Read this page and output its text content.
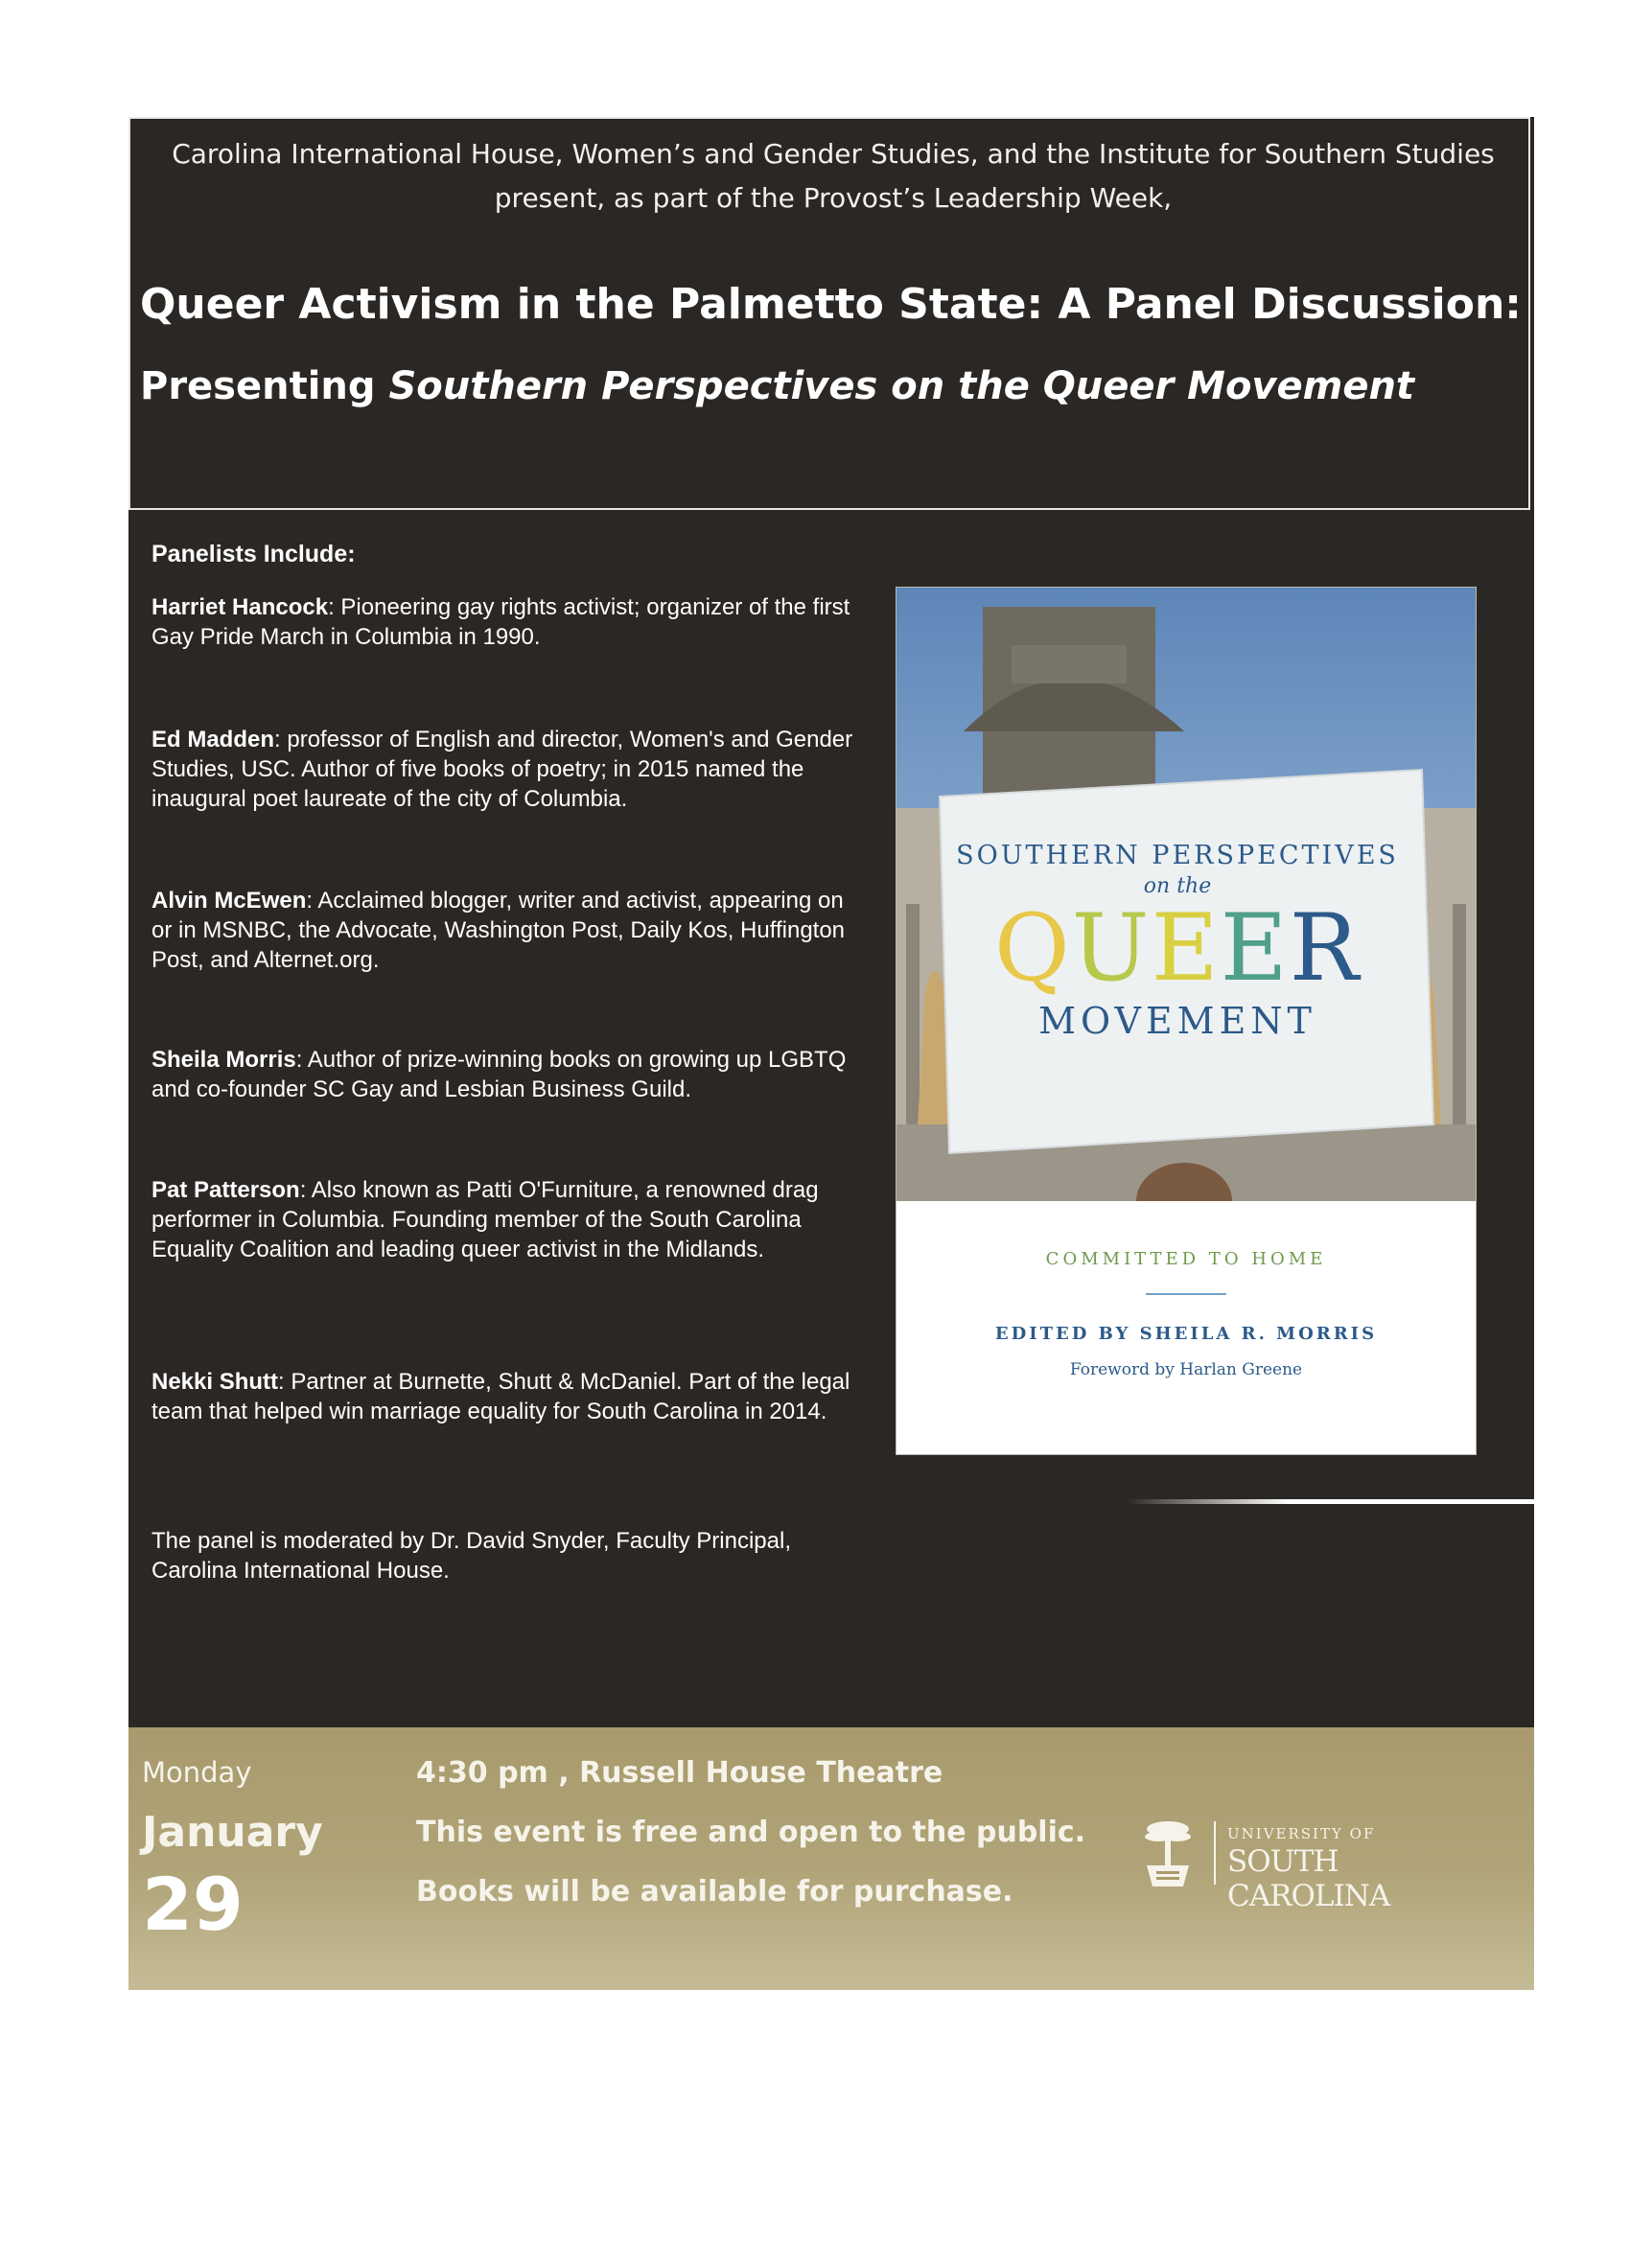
Carolina International House, Women’s and Gender Studies, and the Institute for Southern Studies present, as part of the Provost’s Leadership Week,
Queer Activism in the Palmetto State: A Panel Discussion:
Presenting Southern Perspectives on the Queer Movement
Panelists Include:
Harriet Hancock: Pioneering gay rights activist; organizer of the first Gay Pride March in Columbia in 1990.
Ed Madden: professor of English and director, Women's and Gender Studies, USC. Author of five books of poetry; in 2015 named the inaugural poet laureate of the city of Columbia.
Alvin McEwen: Acclaimed blogger, writer and activist, appearing on or in MSNBC, the Advocate, Washington Post, Daily Kos, Huffington Post, and Alternet.org.
Sheila Morris: Author of prize-winning books on growing up LGBTQ and co-founder SC Gay and Lesbian Business Guild.
Pat Patterson: Also known as Patti O'Furniture, a renowned drag performer in Columbia. Founding member of the South Carolina Equality Coalition and leading queer activist in the Midlands.
Nekki Shutt: Partner at Burnette, Shutt & McDaniel. Part of the legal team that helped win marriage equality for South Carolina in 2014.
The panel is moderated by Dr. David Snyder, Faculty Principal, Carolina International House.
SOUTHERN PERSPECTIVES
on the
QUEER
MOVEMENT
COMMITTED TO HOME
EDITED BY SHEILA R. MORRIS
Foreword by Harlan Greene
Monday
January
29
4:30 pm , Russell House Theatre
This event is free and open to the public.
Books will be available for purchase.
UNIVERSITY OF
SOUTH CAROLINA
